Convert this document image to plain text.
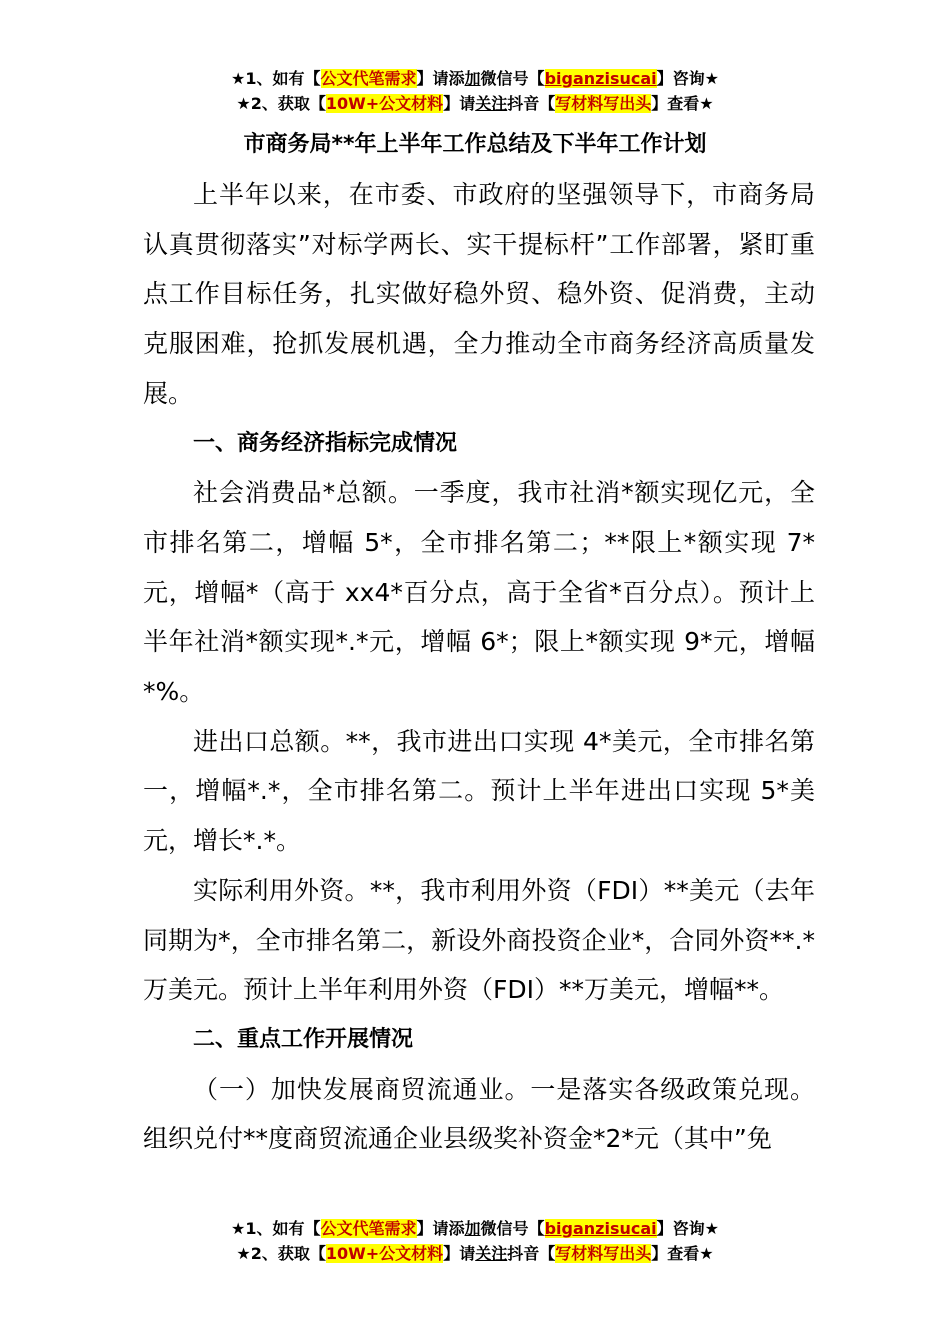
★1、如有【公文代笔需求】请添加微信号【biganzisucai】咨询★
★2、获取【10W+公文材料】请关注抖音【写材料写出头】查看★
市商务局**年上半年工作总结及下半年工作计划

上半年以来，在市委、市政府的坚强领导下，市商务局认真贯彻落实”对标学两长、实干提标杆”工作部署，紧盯重点工作目标任务，扎实做好稳外贸、稳外资、促消费，主动克服困难，抢抓发展机遇，全力推动全市商务经济高质量发展。

一、商务经济指标完成情况

社会消费品*总额。一季度，我市社消*额实现亿元，全市排名第二，增幅 5*，全市排名第二；**限上*额实现 7*元，增幅*（高于 xx4*百分点，高于全省*百分点）。预计上半年社消*额实现*.*元，增幅 6*；限上*额实现 9*元，增幅*%。

进出口总额。**，我市进出口实现 4*美元，全市排名第一，增幅*.*，全市排名第二。预计上半年进出口实现 5*美元，增长*.*。

实际利用外资。**，我市利用外资（FDI）**美元（去年同期为*，全市排名第二，新设外商投资企业*，合同外资**.*万美元。预计上半年利用外资（FDI）**万美元，增幅**。

二、重点工作开展情况

（一）加快发展商贸流通业。一是落实各级政策兑现。组织兑付**度商贸流通企业县级奖补资金*2*元（其中”免

★1、如有【公文代笔需求】请添加微信号【biganzisucai】咨询★
★2、获取【10W+公文材料】请关注抖音【写材料写出头】查看★
